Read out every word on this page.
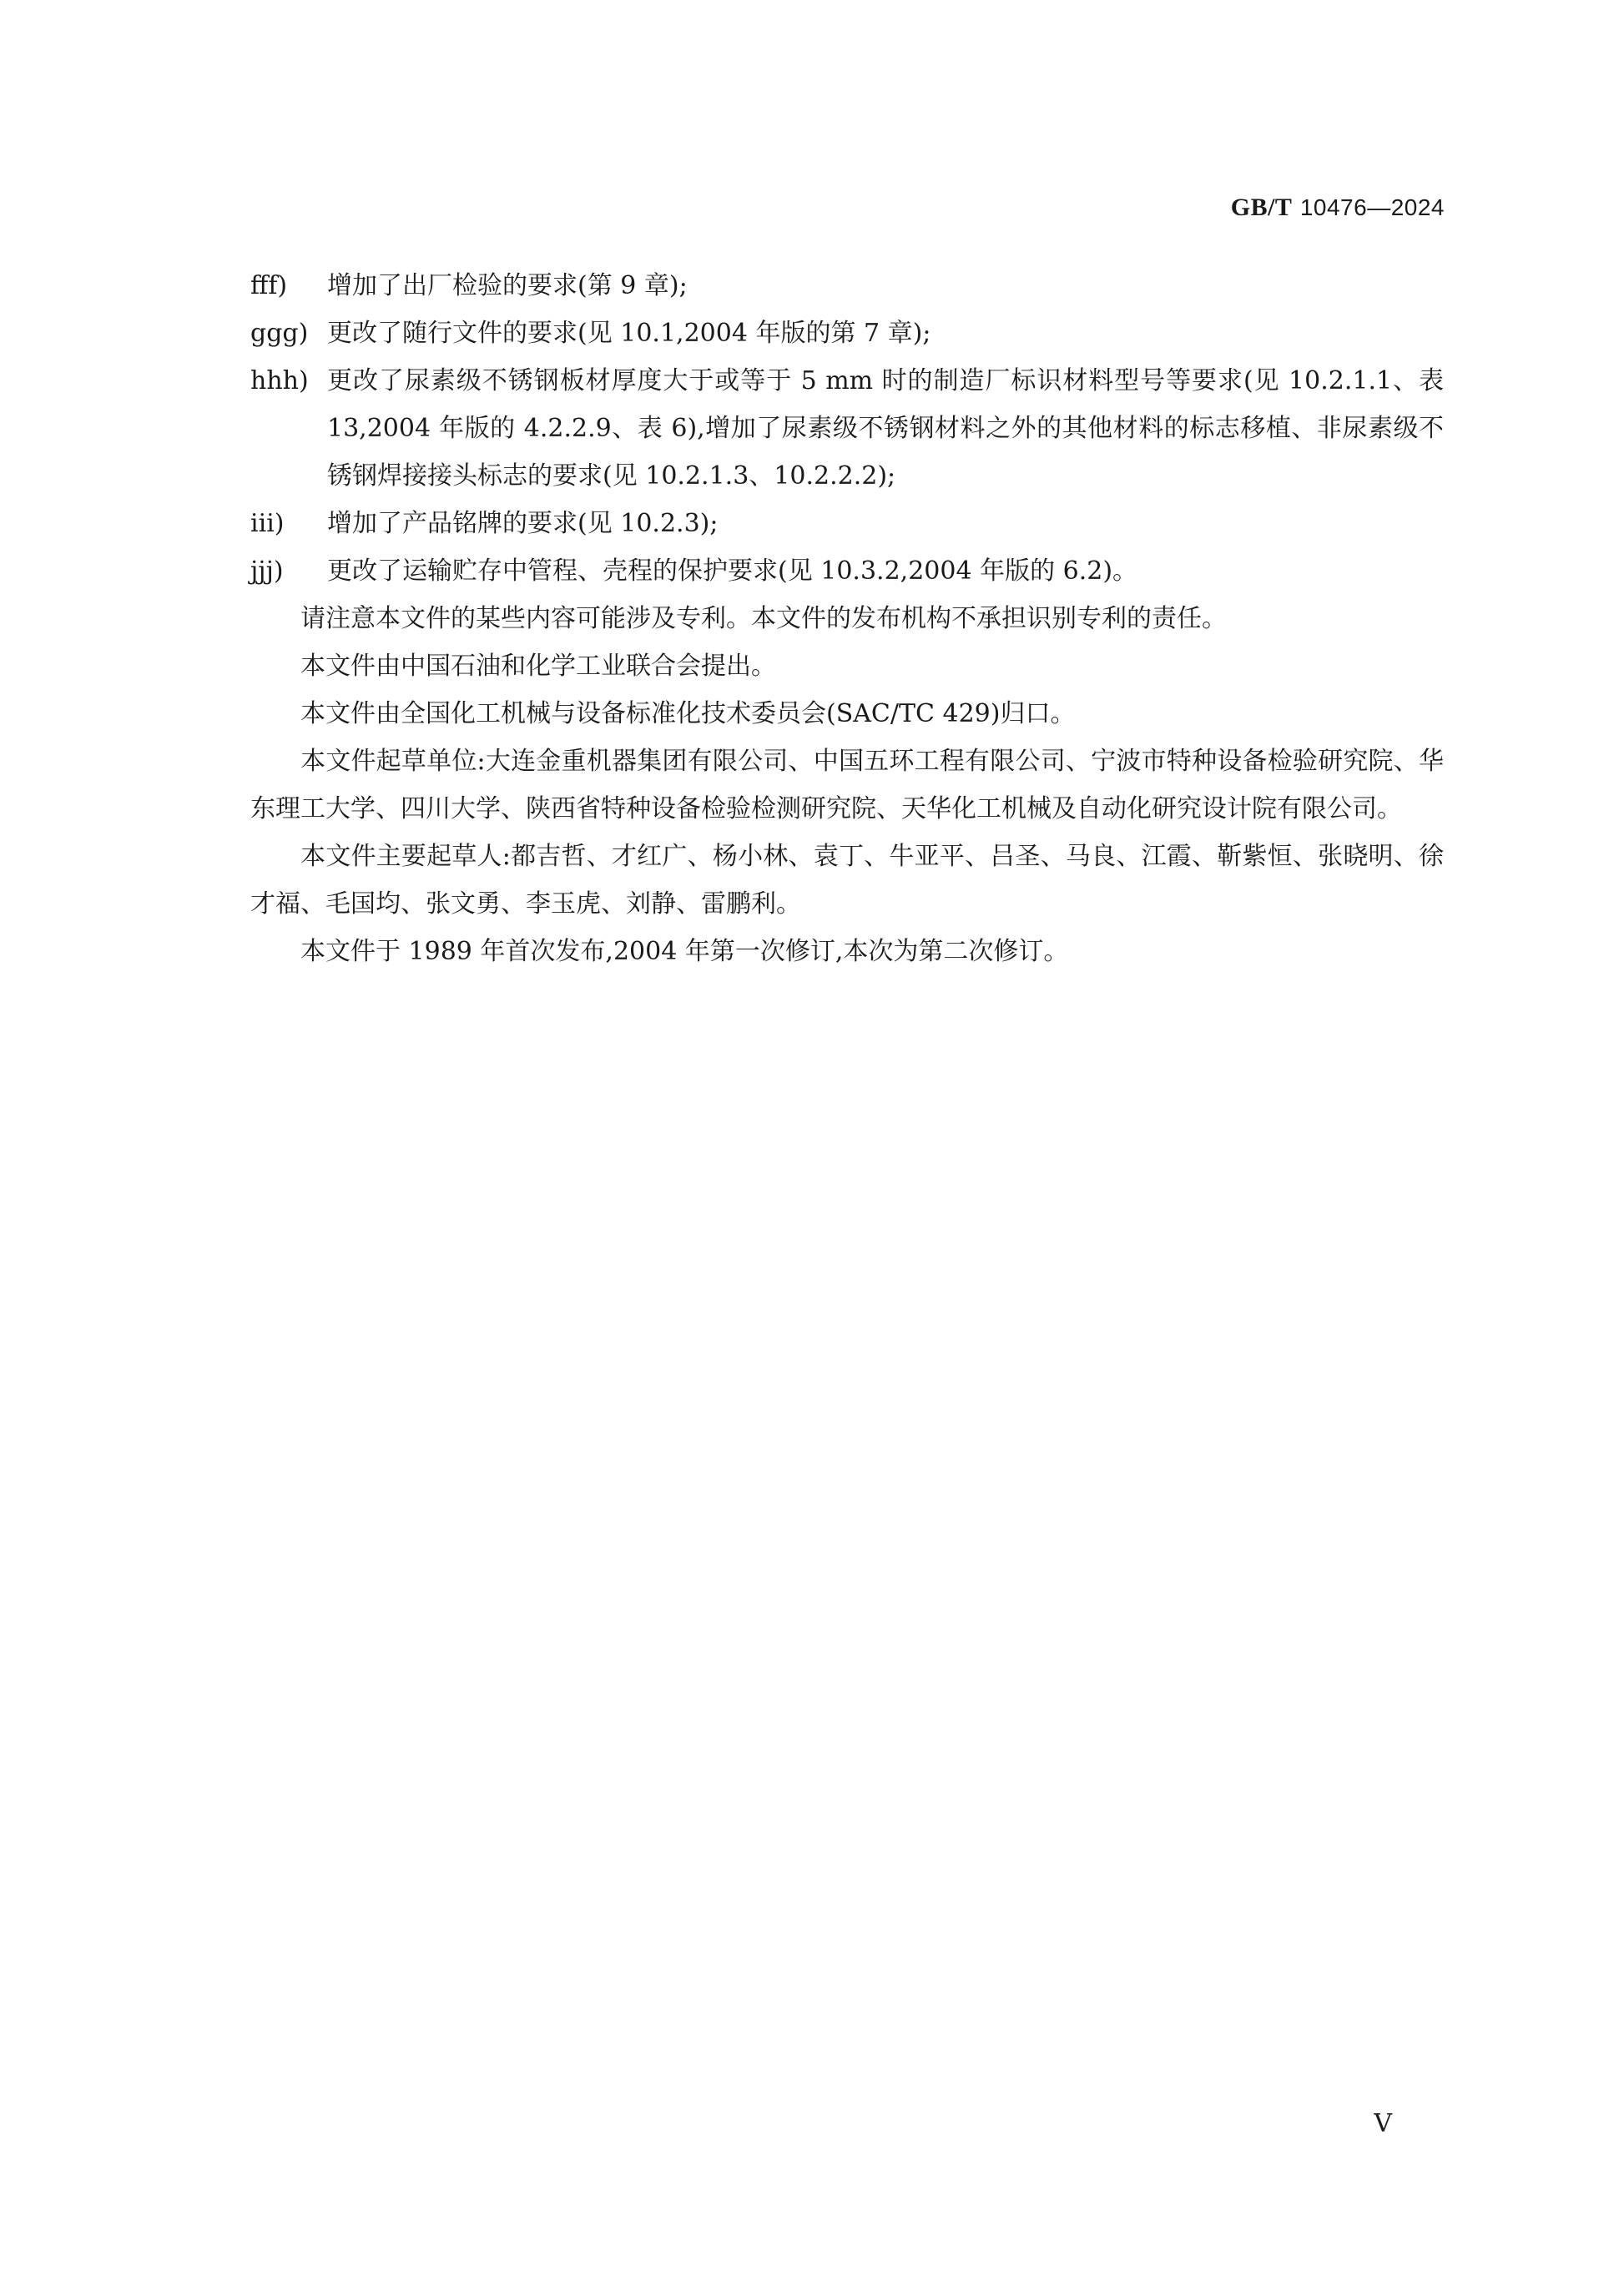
GB/T 10476—2024
fff) 增加了出厂检验的要求(第 9 章);
ggg) 更改了随行文件的要求(见 10.1,2004 年版的第 7 章);
hhh) 更改了尿素级不锈钢板材厚度大于或等于 5 mm 时的制造厂标识材料型号等要求(见 10.2.1.1、表 13,2004 年版的 4.2.2.9、表 6),增加了尿素级不锈钢材料之外的其他材料的标志移植、非尿素级不锈钢焊接接头标志的要求(见 10.2.1.3、10.2.2.2);
iii) 增加了产品铭牌的要求(见 10.2.3);
jjj) 更改了运输贮存中管程、壳程的保护要求(见 10.3.2,2004 年版的 6.2)。
请注意本文件的某些内容可能涉及专利。本文件的发布机构不承担识别专利的责任。
本文件由中国石油和化学工业联合会提出。
本文件由全国化工机械与设备标准化技术委员会(SAC/TC 429)归口。
本文件起草单位:大连金重机器集团有限公司、中国五环工程有限公司、宁波市特种设备检验研究院、华东理工大学、四川大学、陕西省特种设备检验检测研究院、天华化工机械及自动化研究设计院有限公司。
本文件主要起草人:都吉哲、才红广、杨小林、袁丁、牛亚平、吕圣、马良、江霞、靳紫恒、张晓明、徐才福、毛国均、张文勇、李玉虎、刘静、雷鹏利。
本文件于 1989 年首次发布,2004 年第一次修订,本次为第二次修订。
V
